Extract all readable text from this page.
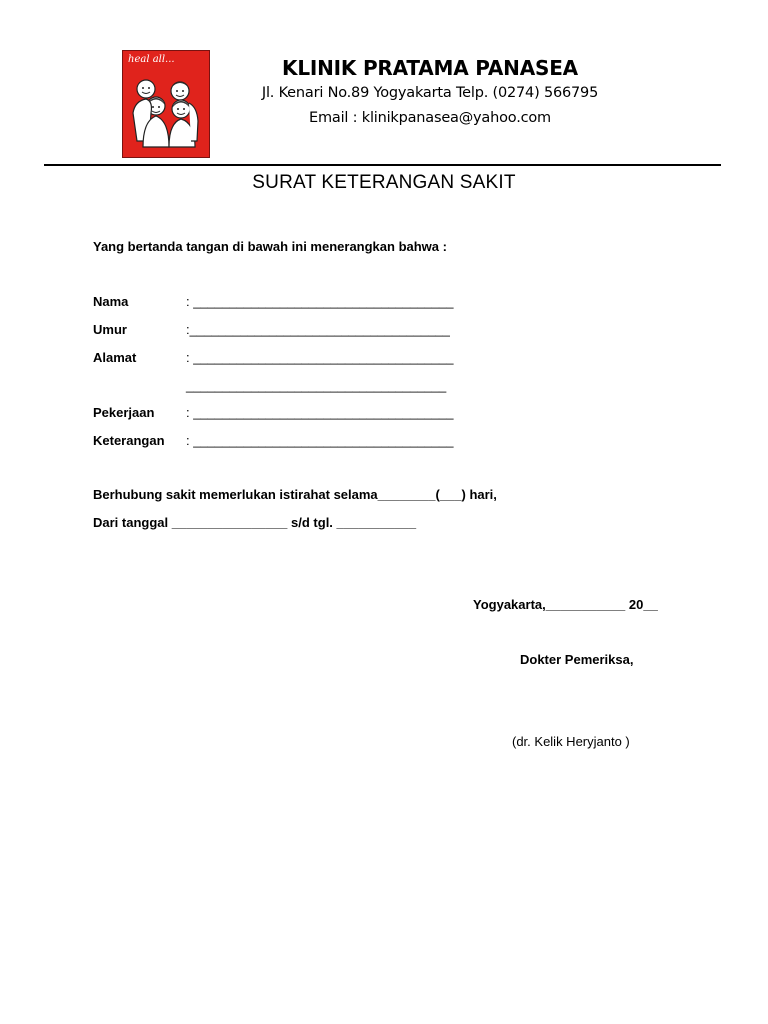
heal all...	KLINIK PRATAMA PANASEA
Jl. Kenari No.89 Yogyakarta Telp. (0274) 566795
Email : klinikpanasea@yahoo.com
SURAT KETERANGAN SAKIT
Yang bertanda tangan di bawah ini menerangkan bahwa :
Nama	: ____________________________________
Umur	:____________________________________
Alamat	: ____________________________________
____________________________________
Pekerjaan : ____________________________________
Keterangan : ____________________________________
Berhubung sakit memerlukan istirahat selama________(___) hari,
Dari tanggal ________________ s/d tgl. ___________
Yogyakarta,___________ 20__
Dokter Pemeriksa,
(dr. Kelik Heryjanto )
